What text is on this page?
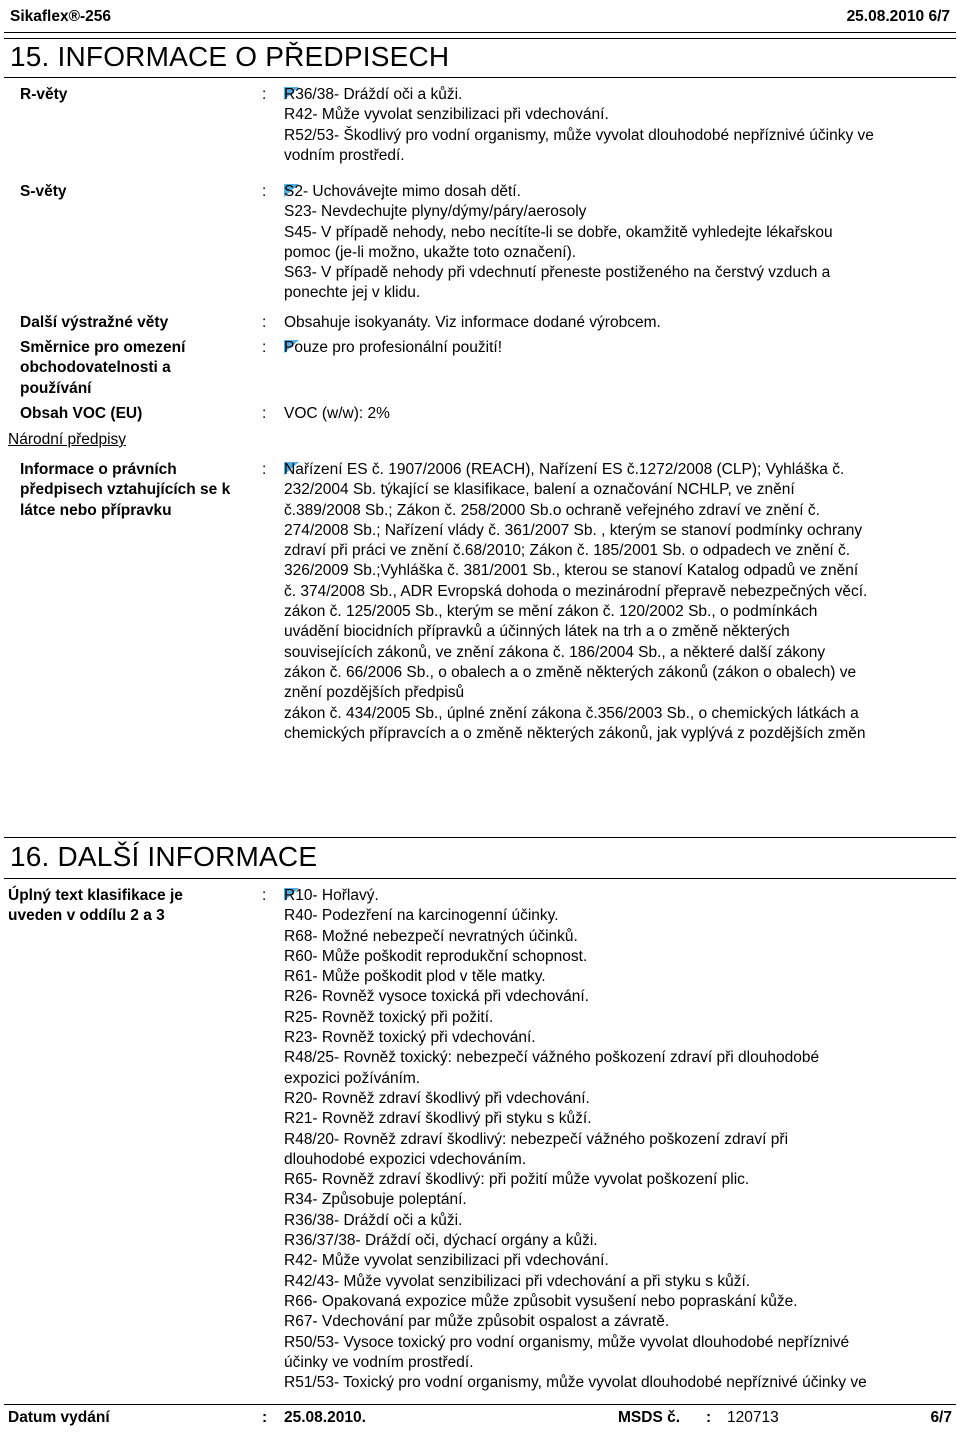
Sikaflex®-256	25.08.2010 6/7
15. INFORMACE O PŘEDPISECH
R-věty	: R36/38- Dráždí oči a kůži.
R42- Může vyvolat senzibilizaci při vdechování.
R52/53- Škodlivý pro vodní organismy, může vyvolat dlouhodobé nepříznivé účinky ve
vodním prostředí.
S-věty	: S2- Uchovávejte mimo dosah dětí.
S23- Nevdechujte plyny/dýmy/páry/aerosoly
S45- V případě nehody, nebo necítíte-li se dobře, okamžitě vyhledejte lékařskou
pomoc (je-li možno, ukažte toto označení).
S63- V případě nehody při vdechnutí přeneste postiženého na čerstvý vzduch a
ponechte jej v klidu.
Další výstražné věty	: Obsahuje isokyanáty. Viz informace dodané výrobcem.
Směrnice pro omezení obchodovatelnosti a používání
: Pouze pro profesionální použití!
Obsah VOC (EU)	: VOC (w/w): 2%
Národní předpisy
Informace o právních předpisech vztahujících se k látce nebo přípravku
: Nařízení ES č. 1907/2006 (REACH), Nařízení ES č.1272/2008 (CLP); Vyhláška č.
232/2004 Sb. týkající se klasifikace, balení a označování NCHLP, ve znění
č.389/2008 Sb.; Zákon č. 258/2000 Sb.o ochraně veřejného zdraví ve znění č.
274/2008 Sb.; Nařízení vlády č. 361/2007 Sb. , kterým se stanoví podmínky ochrany
zdraví při práci ve znění č.68/2010; Zákon č. 185/2001 Sb. o odpadech ve znění č.
326/2009 Sb.;Vyhláška č. 381/2001 Sb., kterou se stanoví Katalog odpadů ve znění
č. 374/2008 Sb., ADR Evropská dohoda o mezinárodní přepravě nebezpečných věcí.
zákon č. 125/2005 Sb., kterým se mění zákon č. 120/2002 Sb., o podmínkách
uvádění biocidních přípravků a účinných látek na trh a o změně některých
souvisejících zákonů, ve znění zákona č. 186/2004 Sb., a některé další zákony
zákon č. 66/2006 Sb., o obalech a o změně některých zákonů (zákon o obalech) ve
znění pozdějších předpisů
zákon č. 434/2005 Sb., úplné znění zákona č.356/2003 Sb., o chemických látkách a
chemických přípravcích a o změně některých zákonů, jak vyplývá z pozdějších změn
16. DALŠÍ INFORMACE
Úplný text klasifikace je uveden v oddílu 2 a 3
: R10- Hořlavý.
R40- Podezření na karcinogenní účinky.
R68- Možné nebezpečí nevratných účinků.
R60- Může poškodit reprodukční schopnost.
R61- Může poškodit plod v těle matky.
R26- Rovněž vysoce toxická při vdechování.
R25- Rovněž toxický při požití.
R23- Rovněž toxický při vdechování.
R48/25- Rovněž toxický: nebezpečí vážného poškození zdraví při dlouhodobé
expozici požíváním.
R20- Rovněž zdraví škodlivý při vdechování.
R21- Rovněž zdraví škodlivý při styku s kůží.
R48/20- Rovněž zdraví škodlivý: nebezpečí vážného poškození zdraví při
dlouhodobé expozici vdechováním.
R65- Rovněž zdraví škodlivý: při požití může vyvolat poškození plic.
R34- Způsobuje poleptání.
R36/38- Dráždí oči a kůži.
R36/37/38- Dráždí oči, dýchací orgány a kůži.
R42- Může vyvolat senzibilizaci při vdechování.
R42/43- Může vyvolat senzibilizaci při vdechování a při styku s kůží.
R66- Opakovaná expozice může způsobit vysušení nebo popraskání kůže.
R67- Vdechování par může způsobit ospalost a závratě.
R50/53- Vysoce toxický pro vodní organismy, může vyvolat dlouhodobé nepříznivé
účinky ve vodním prostředí.
R51/53- Toxický pro vodní organismy, může vyvolat dlouhodobé nepříznivé účinky ve
Datum vydání	: 25.08.2010.	MSDS č. : 120713	6/7
